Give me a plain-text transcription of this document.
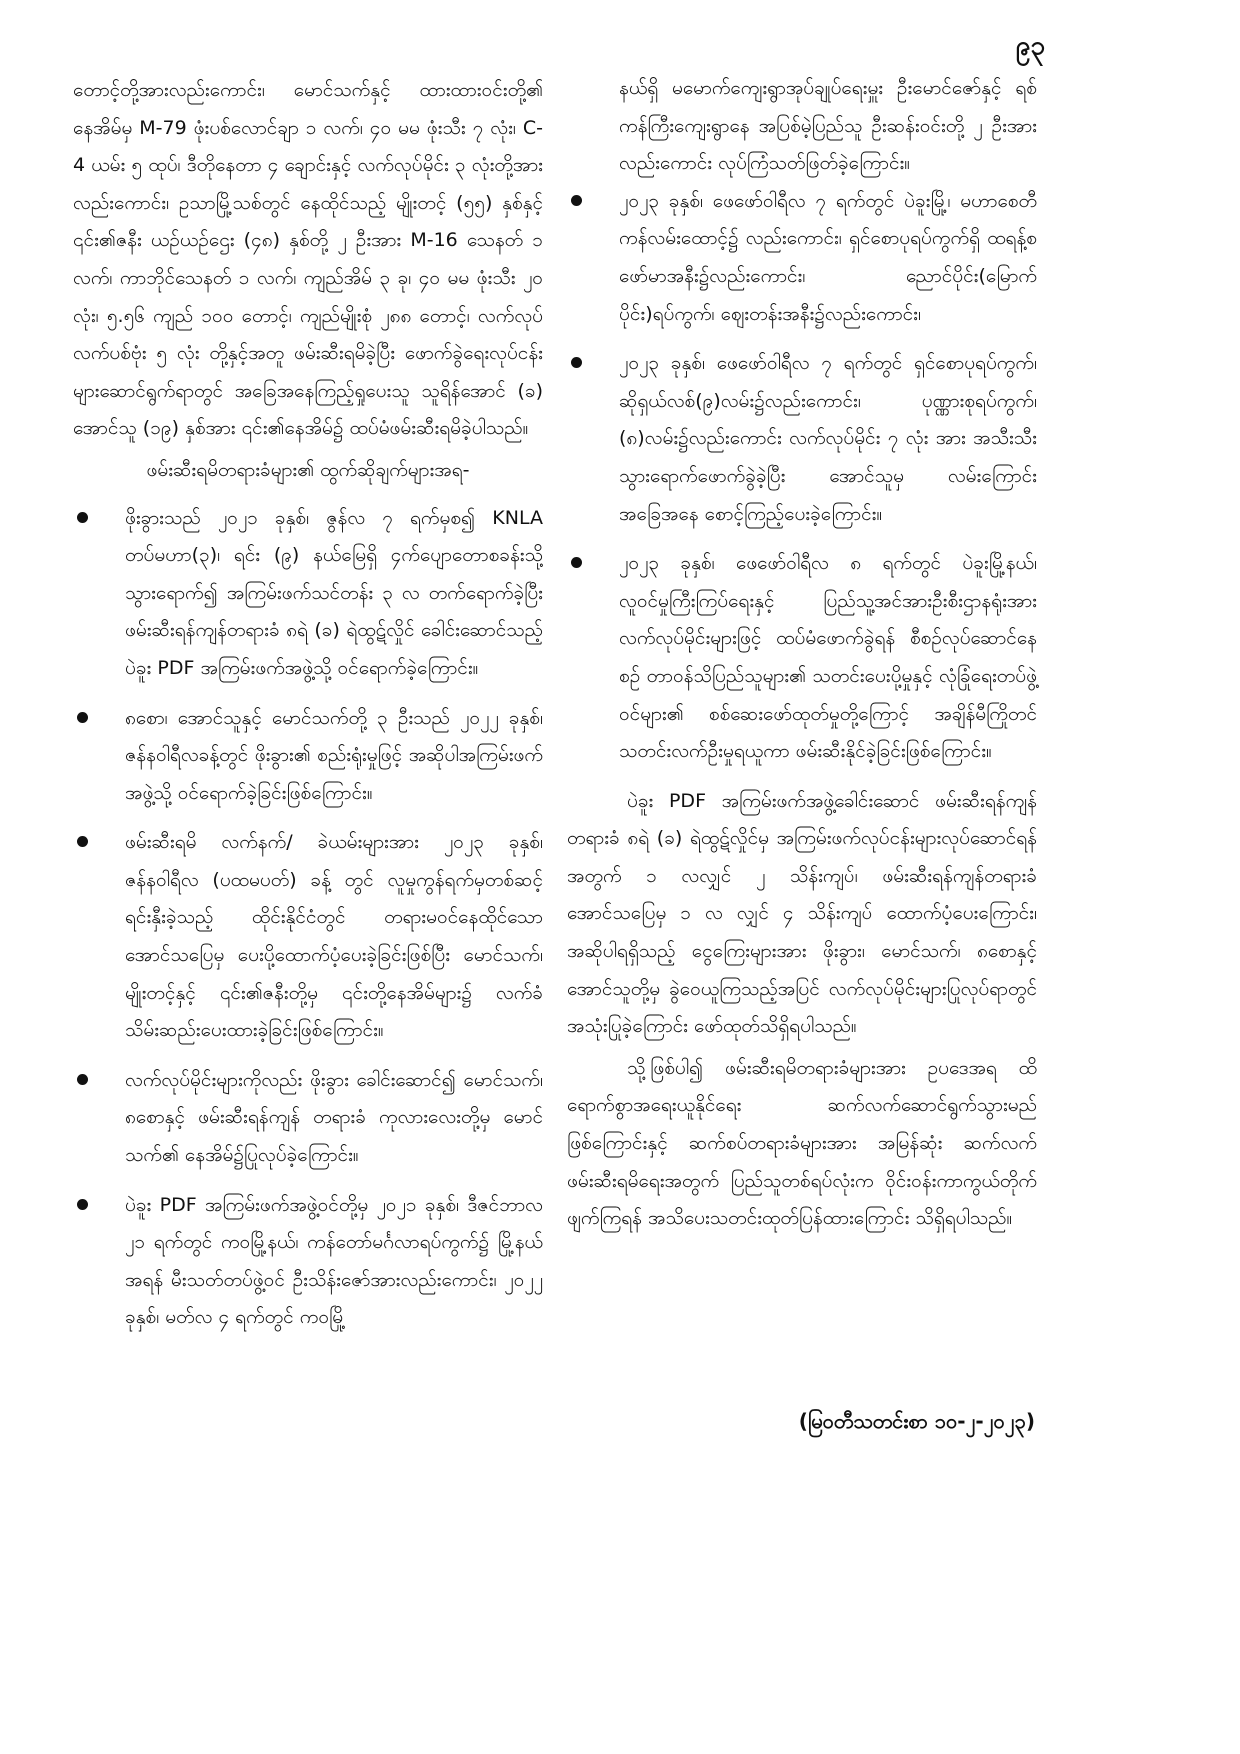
၉၃

တောင့်တို့အားလည်းကောင်း၊ မောင်သက်နှင့် ထားထားဝင်းတို့၏ နေအိမ်မှ M-79 ဖုံးပစ်လောင်ချာ ၁ လက်၊ ၄၀ မမ ဖုံးသီး ၇ လုံး၊ C-4 ယမ်း ၅ ထုပ်၊ ဒီတိုနေတာ ၄ ချောင်းနှင့် လက်လုပ်မိုင်း ၃ လုံးတို့အားလည်းကောင်း၊ ဥသာမြို့သစ်တွင် နေထိုင်သည့် မျိုးတင့် (၅၅) နှစ်နှင့် ၎င်း၏ဇနီး ယဉ်ယဉ်ဌေး (၄၈) နှစ်တို့ ၂ ဦးအား M-16 သေနတ် ၁ လက်၊ ကာဘိုင်သေနတ် ၁ လက်၊ ကျည်အိမ် ၃ ခု၊ ၄၀ မမ ဖုံးသီး ၂၀ လုံး၊ ၅.၅၆ ကျည် ၁၀၀ တောင့်၊ ကျည်မျိုးစုံ ၂၈၈ တောင့်၊ လက်လုပ်လက်ပစ်ဗုံး ၅ လုံး တို့နှင့်အတူ ဖမ်းဆီးရမိခဲ့ပြီး ဖောက်ခွဲရေးလုပ်ငန်းများဆောင်ရွက်ရာတွင် အခြေအနေကြည့်ရှုပေးသူ သူရိန်အောင် (ခ) အောင်သူ (၁၉) နှစ်အား ၎င်း၏နေအိမ်၌ ထပ်မံဖမ်းဆီးရမိခဲ့ပါသည်။

ဖမ်းဆီးရမိတရားခံများ၏ ထွက်ဆိုချက်များအရ-

ဖိုးခွားသည် ၂၀၂၁ ခုနှစ်၊ ဇွန်လ ၇ ရက်မှစ၍ KNLA တပ်မဟာ(၃)၊ ရင်း (၉) နယ်မြေရှိ ၄က်ပျောတောစခန်းသို့ သွားရောက်၍ အကြမ်းဖက်သင်တန်း ၃ လ တက်ရောက်ခဲ့ပြီး ဖမ်းဆီးရန်ကျန်တရားခံ ၈ရဲ (ခ) ရဲထွဋ်လှိုင် ခေါင်းဆောင်သည့် ပဲခူး PDF အကြမ်းဖက်အဖွဲ့သို့ ဝင်ရောက်ခဲ့ကြောင်း။
၈စော၊ အောင်သူနှင့် မောင်သက်တို့ ၃ ဦးသည် ၂၀၂၂ ခုနှစ်၊ ဇန်နဝါရီလခန့်တွင် ဖိုးခွား၏ စည်းရုံးမှုဖြင့် အဆိုပါအကြမ်းဖက်အဖွဲ့သို့ ဝင်ရောက်ခဲ့ခြင်းဖြစ်ကြောင်း။
ဖမ်းဆီးရမိ လက်နက်/ ခဲယမ်းများအား ၂၀၂၃ ခုနှစ်၊ ဇန်နဝါရီလ (ပထမပတ်) ခန့် တွင် လူမှုကွန်ရက်မှတစ်ဆင့်ရင်းနှီးခဲ့သည့် ထိုင်းနိုင်ငံတွင် တရားမဝင်နေထိုင်သော အောင်သပြေမှ ပေးပို့ထောက်ပံ့ပေးခဲ့ခြင်းဖြစ်ပြီး မောင်သက်၊ မျိုးတင့်နှင့် ၎င်း၏ဇနီးတို့မှ ၎င်းတို့နေအိမ်များ၌ လက်ခံသိမ်းဆည်းပေးထားခဲ့ခြင်းဖြစ်ကြောင်း။
လက်လုပ်မိုင်းများကိုလည်း ဖိုးခွား ခေါင်းဆောင်၍ မောင်သက်၊ ၈စောနှင့် ဖမ်းဆီးရန်ကျန် တရားခံ ကုလားလေးတို့မှ မောင်သက်၏ နေအိမ်၌ပြုလုပ်ခဲ့ကြောင်း။
ပဲခူး PDF အကြမ်းဖက်အဖွဲ့ဝင်တို့မှ ၂၀၂၁ ခုနှစ်၊ ဒီဇင်ဘာလ ၂၁ ရက်တွင် ကဝမြို့နယ်၊ ကန်တော်မင်္ဂလာရပ်ကွက်၌ မြို့နယ်အရန် မီးသတ်တပ်ဖွဲ့ဝင် ဦးသိန်းဇော်အားလည်းကောင်း၊ ၂၀၂၂ ခုနှစ်၊ မတ်လ ၄ ရက်တွင် ကဝမြို့

နယ်ရှိ မမောက်ကျေးရွာအုပ်ချုပ်ရေးမှူး ဦးမောင်ဇော်နှင့် ရစ်ကန်ကြီးကျေးရွာနေ အပြစ်မဲ့ပြည်သူ ဦးဆန်းဝင်းတို့ ၂ ဦးအားလည်းကောင်း လုပ်ကြံသတ်ဖြတ်ခဲ့ကြောင်း။

၂၀၂၃ ခုနှစ်၊ ဖေဖော်ဝါရီလ ၇ ရက်တွင် ပဲခူးမြို့၊ မဟာစေတီကန်လမ်းထောင့်၌ လည်းကောင်း၊ ရှင်စောပုရပ်ကွက်ရှိ ထရန့်စဖော်မာအနီး၌လည်းကောင်း၊ ညောင်ပိုင်း(မြောက်ပိုင်း)ရပ်ကွက်၊ ဈေးတန်းအနီး၌လည်းကောင်း၊
၂၀၂၃ ခုနှစ်၊ ဖေဖော်ဝါရီလ ၇ ရက်တွင် ရှင်စောပုရပ်ကွက်၊ ဆိုရှယ်လစ်(၉)လမ်း၌လည်းကောင်း၊ ပုဏ္ဏားစုရပ်ကွက်၊ (၈)လမ်း၌လည်းကောင်း လက်လုပ်မိုင်း ၇ လုံး အား အသီးသီးသွားရောက်ဖောက်ခွဲခဲ့ပြီး အောင်သူမှ လမ်းကြောင်းအခြေအနေ စောင့်ကြည့်ပေးခဲ့ကြောင်း။
၂၀၂၃ ခုနှစ်၊ ဖေဖော်ဝါရီလ ၈ ရက်တွင် ပဲခူးမြို့နယ်၊ လူဝင်မှုကြီးကြပ်ရေးနှင့် ပြည်သူ့အင်အားဦးစီးဌာနရုံးအား လက်လုပ်မိုင်းများဖြင့် ထပ်မံဖောက်ခွဲရန် စီစဉ်လုပ်ဆောင်နေစဉ် တာဝန်သိပြည်သူများ၏ သတင်းပေးပို့မှုနှင့် လုံခြုံရေးတပ်ဖွဲ့ဝင်များ၏ စစ်ဆေးဖော်ထုတ်မှုတို့ကြောင့် အချိန်မီကြိုတင်သတင်းလက်ဦးမှုရယူကာ ဖမ်းဆီးနိုင်ခဲ့ခြင်းဖြစ်ကြောင်း။

ပဲခူး PDF အကြမ်းဖက်အဖွဲ့ခေါင်းဆောင် ဖမ်းဆီးရန်ကျန်တရားခံ ၈ရဲ (ခ) ရဲထွဋ်လှိုင်မှ အကြမ်းဖက်လုပ်ငန်းများလုပ်ဆောင်ရန်အတွက် ၁ လလျှင် ၂ သိန်းကျပ်၊ ဖမ်းဆီးရန်ကျန်တရားခံ အောင်သပြေမှ ၁ လ လျှင် ၄ သိန်းကျပ် ထောက်ပံ့ပေးကြောင်း၊ အဆိုပါရရှိသည့် ငွေကြေးများအား ဖိုးခွား၊ မောင်သက်၊ ၈စောနှင့် အောင်သူတို့မှ ခွဲဝေယူကြသည့်အပြင် လက်လုပ်မိုင်းများပြုလုပ်ရာတွင် အသုံးပြုခဲ့ကြောင်း ဖော်ထုတ်သိရှိရပါသည်။

သို့ဖြစ်ပါ၍ ဖမ်းဆီးရမိတရားခံများအား ဥပဒေအရ ထိရောက်စွာအရေးယူနိုင်ရေး ဆက်လက်ဆောင်ရွက်သွားမည်ဖြစ်ကြောင်းနှင့် ဆက်စပ်တရားခံများအား အမြန်ဆုံး ဆက်လက်ဖမ်းဆီးရမိရေးအတွက် ပြည်သူတစ်ရပ်လုံးက ဝိုင်းဝန်းကာကွယ်တိုက်ဖျက်ကြရန် အသိပေးသတင်းထုတ်ပြန်ထားကြောင်း သိရှိရပါသည်။

(မြဝတီသတင်းစာ ၁၀-၂-၂၀၂၃)
